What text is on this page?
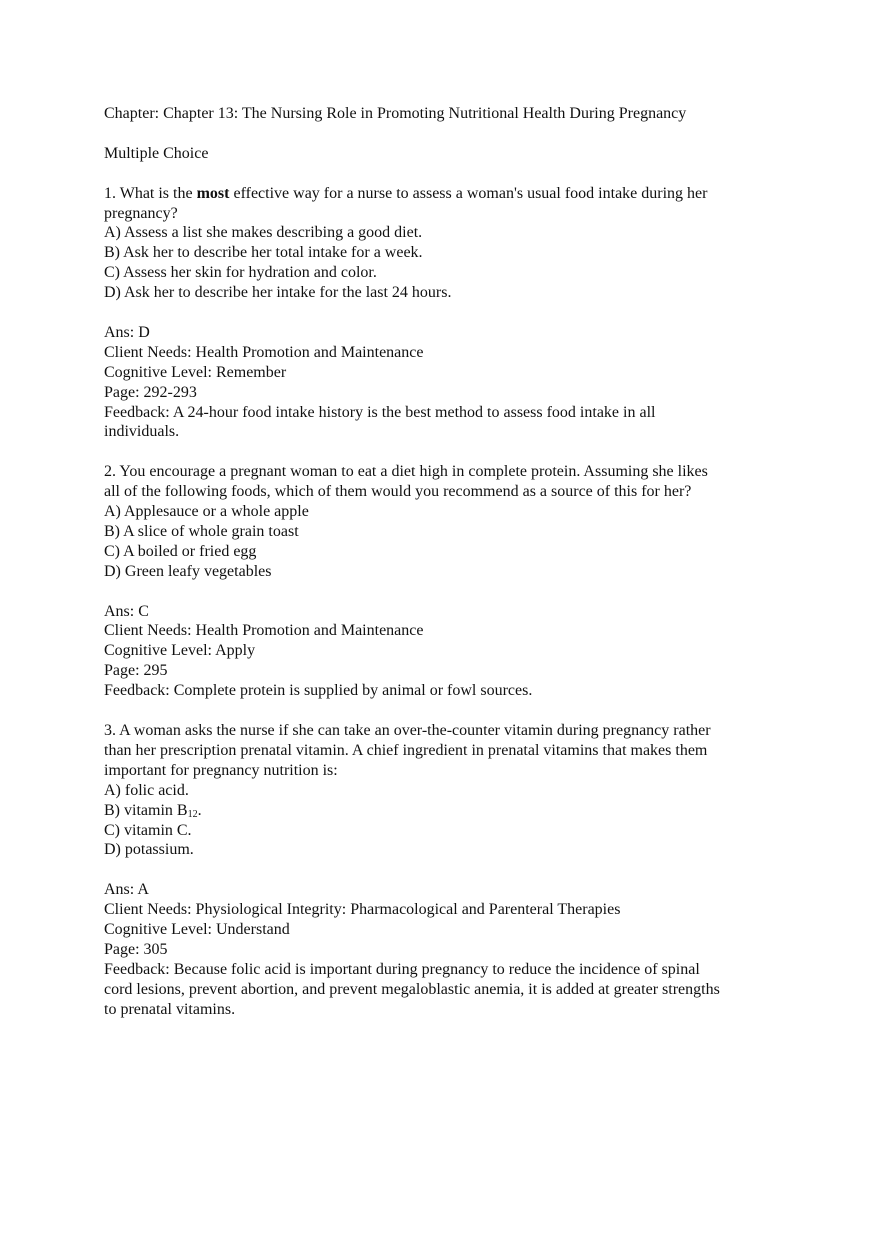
Chapter: Chapter 13: The Nursing Role in Promoting Nutritional Health During Pregnancy
Multiple Choice
1. What is the most effective way for a nurse to assess a woman's usual food intake during her
pregnancy?
A) Assess a list she makes describing a good diet.
B) Ask her to describe her total intake for a week.
C) Assess her skin for hydration and color.
D) Ask her to describe her intake for the last 24 hours.
Ans: D
Client Needs: Health Promotion and Maintenance
Cognitive Level: Remember
Page: 292-293
Feedback: A 24-hour food intake history is the best method to assess food intake in all
individuals.
2. You encourage a pregnant woman to eat a diet high in complete protein. Assuming she likes
all of the following foods, which of them would you recommend as a source of this for her?
A) Applesauce or a whole apple
B) A slice of whole grain toast
C) A boiled or fried egg
D) Green leafy vegetables
Ans: C
Client Needs: Health Promotion and Maintenance
Cognitive Level: Apply
Page: 295
Feedback: Complete protein is supplied by animal or fowl sources.
3. A woman asks the nurse if she can take an over-the-counter vitamin during pregnancy rather
than her prescription prenatal vitamin. A chief ingredient in prenatal vitamins that makes them
important for pregnancy nutrition is:
A) folic acid.
B) vitamin $B_{12}$.
C) vitamin C.
D) potassium.
Ans: A
Client Needs: Physiological Integrity: Pharmacological and Parenteral Therapies
Cognitive Level: Understand
Page: 305
Feedback: Because folic acid is important during pregnancy to reduce the incidence of spinal
cord lesions, prevent abortion, and prevent megaloblastic anemia, it is added at greater strengths
to prenatal vitamins.
